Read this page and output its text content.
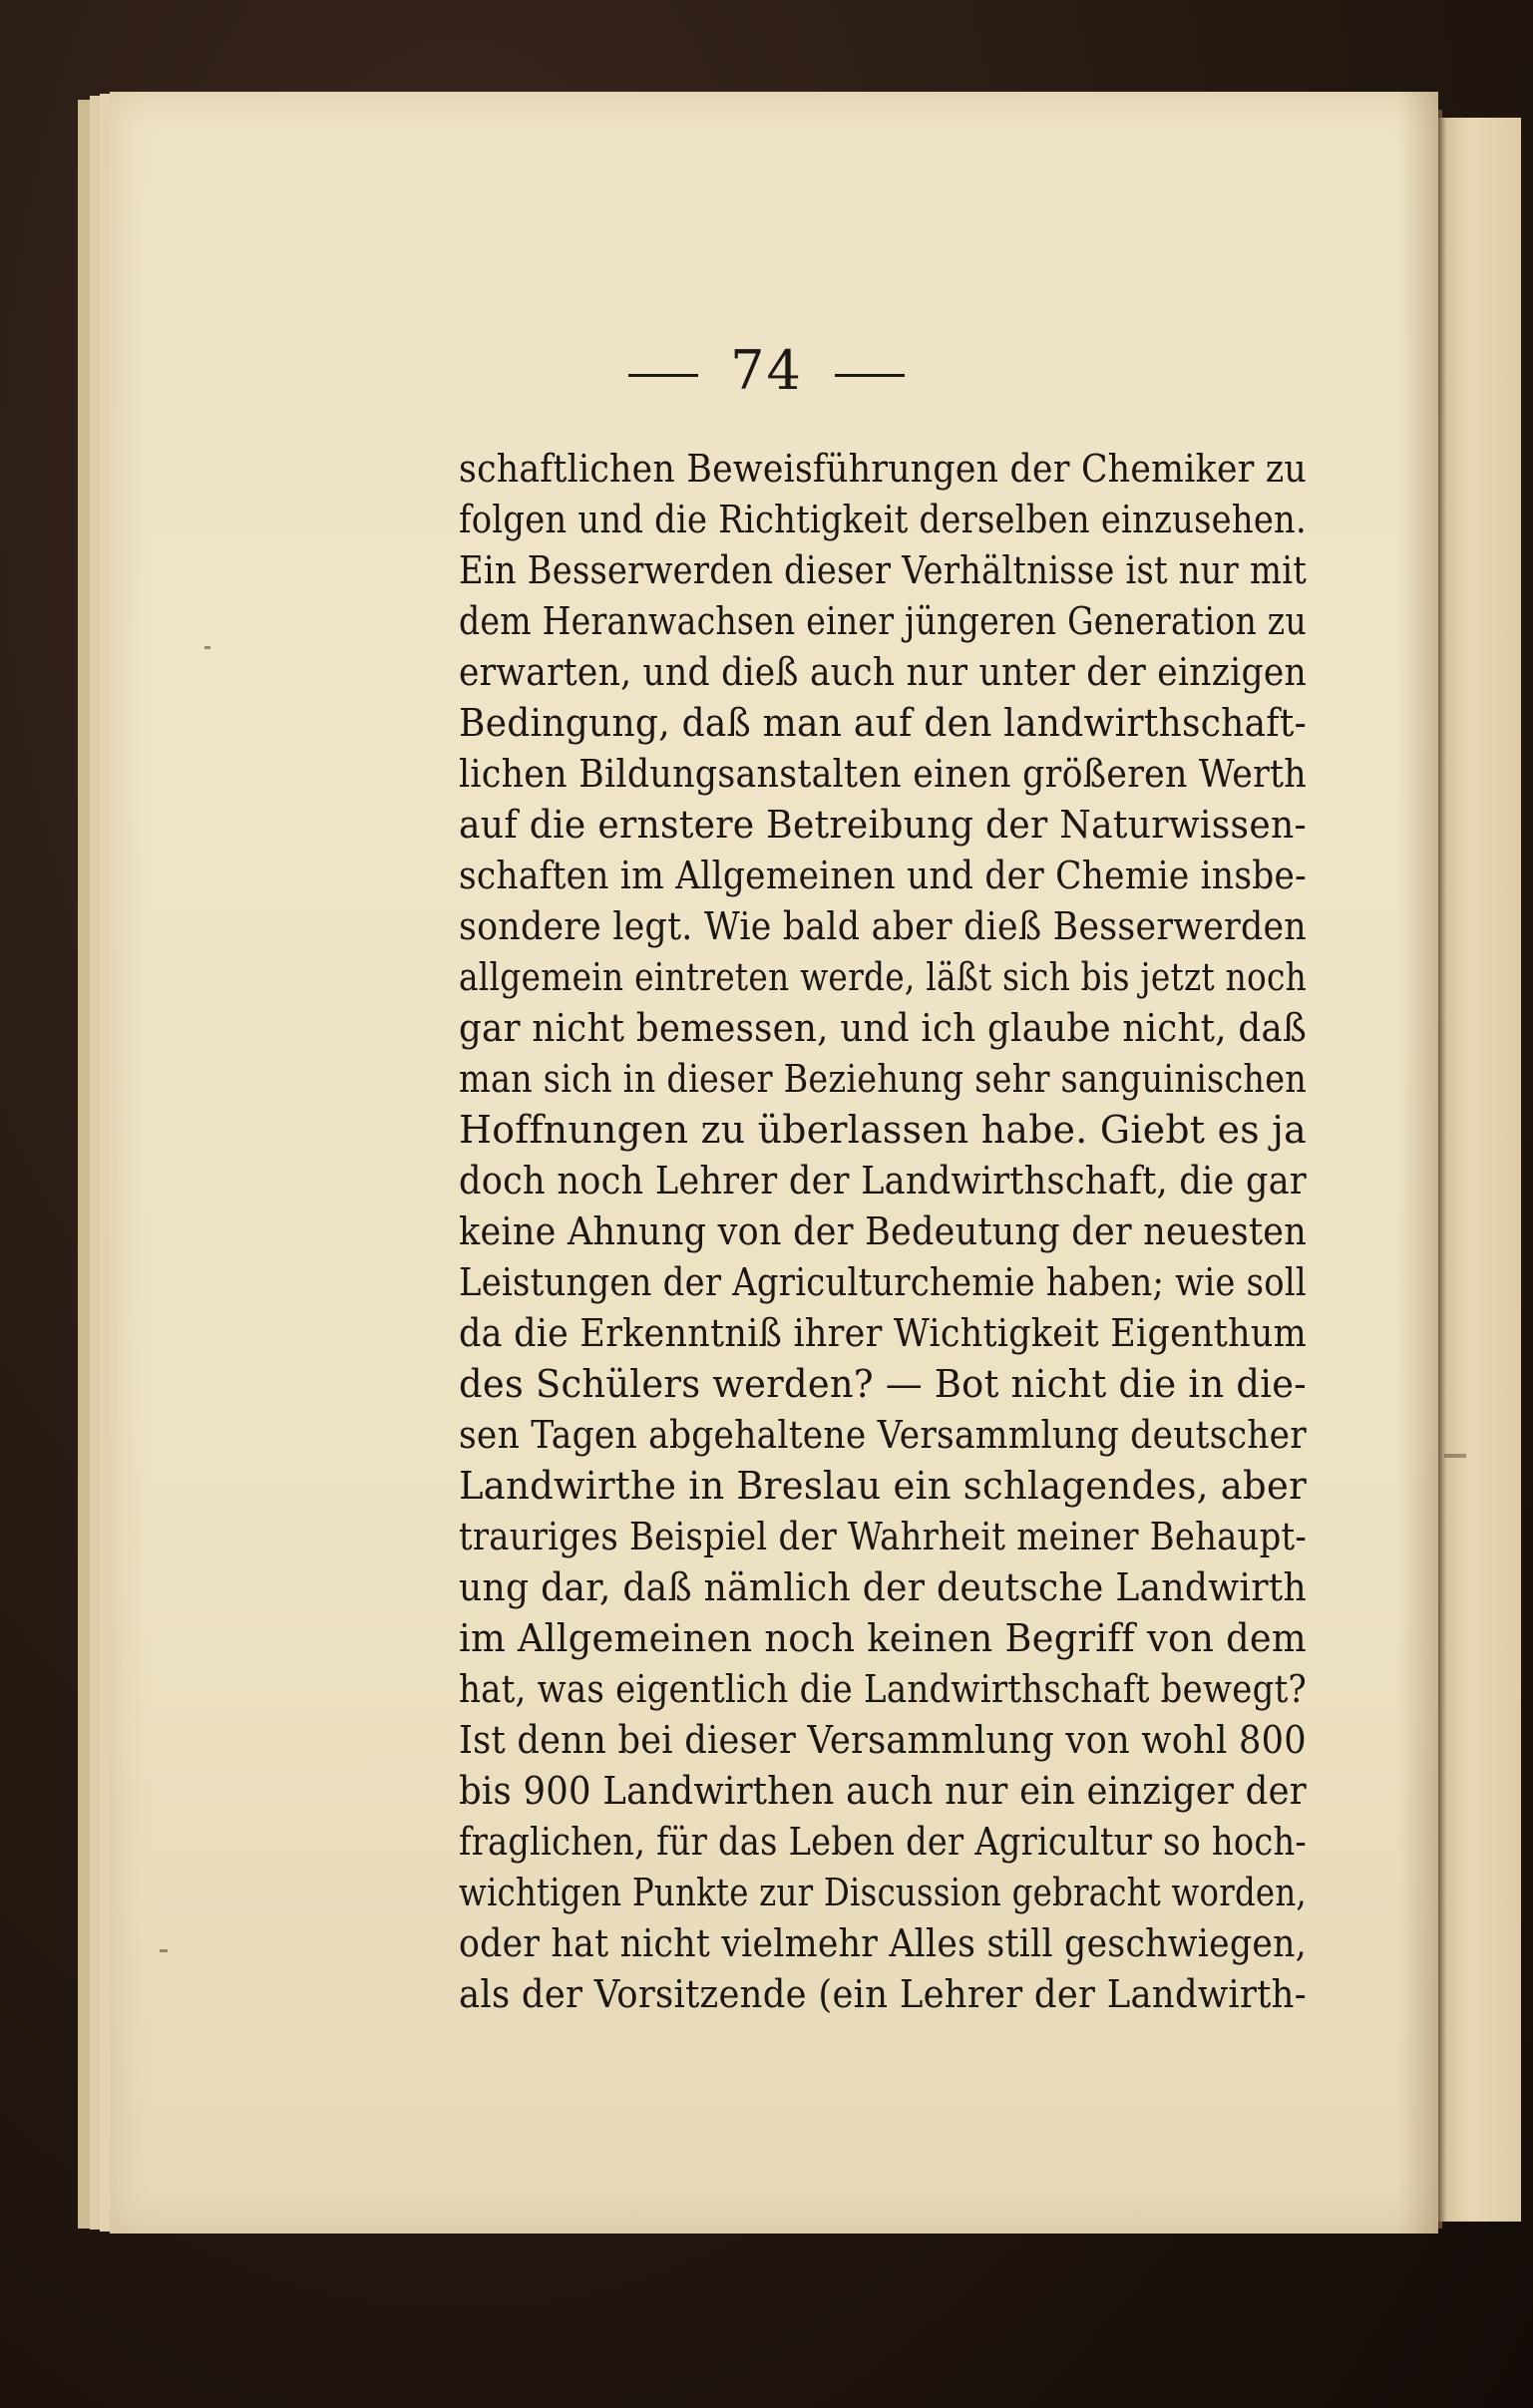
74
schaftlichen Beweisführungen der Chemiker zu
folgen und die Richtigkeit derselben einzusehen.
Ein Besserwerden dieser Verhältnisse ist nur mit
dem Heranwachsen einer jüngeren Generation zu
erwarten, und dieß auch nur unter der einzigen
Bedingung, daß man auf den landwirthschaft-
lichen Bildungsanstalten einen größeren Werth
auf die ernstere Betreibung der Naturwissen-
schaften im Allgemeinen und der Chemie insbe-
sondere legt. Wie bald aber dieß Besserwerden
allgemein eintreten werde, läßt sich bis jetzt noch
gar nicht bemessen, und ich glaube nicht, daß
man sich in dieser Beziehung sehr sanguinischen
Hoffnungen zu überlassen habe. Giebt es ja
doch noch Lehrer der Landwirthschaft, die gar
keine Ahnung von der Bedeutung der neuesten
Leistungen der Agriculturchemie haben; wie soll
da die Erkenntniß ihrer Wichtigkeit Eigenthum
des Schülers werden? — Bot nicht die in die-
sen Tagen abgehaltene Versammlung deutscher
Landwirthe in Breslau ein schlagendes, aber
trauriges Beispiel der Wahrheit meiner Behaupt-
ung dar, daß nämlich der deutsche Landwirth
im Allgemeinen noch keinen Begriff von dem
hat, was eigentlich die Landwirthschaft bewegt?
Ist denn bei dieser Versammlung von wohl 800
bis 900 Landwirthen auch nur ein einziger der
fraglichen, für das Leben der Agricultur so hoch-
wichtigen Punkte zur Discussion gebracht worden,
oder hat nicht vielmehr Alles still geschwiegen,
als der Vorsitzende (ein Lehrer der Landwirth-
